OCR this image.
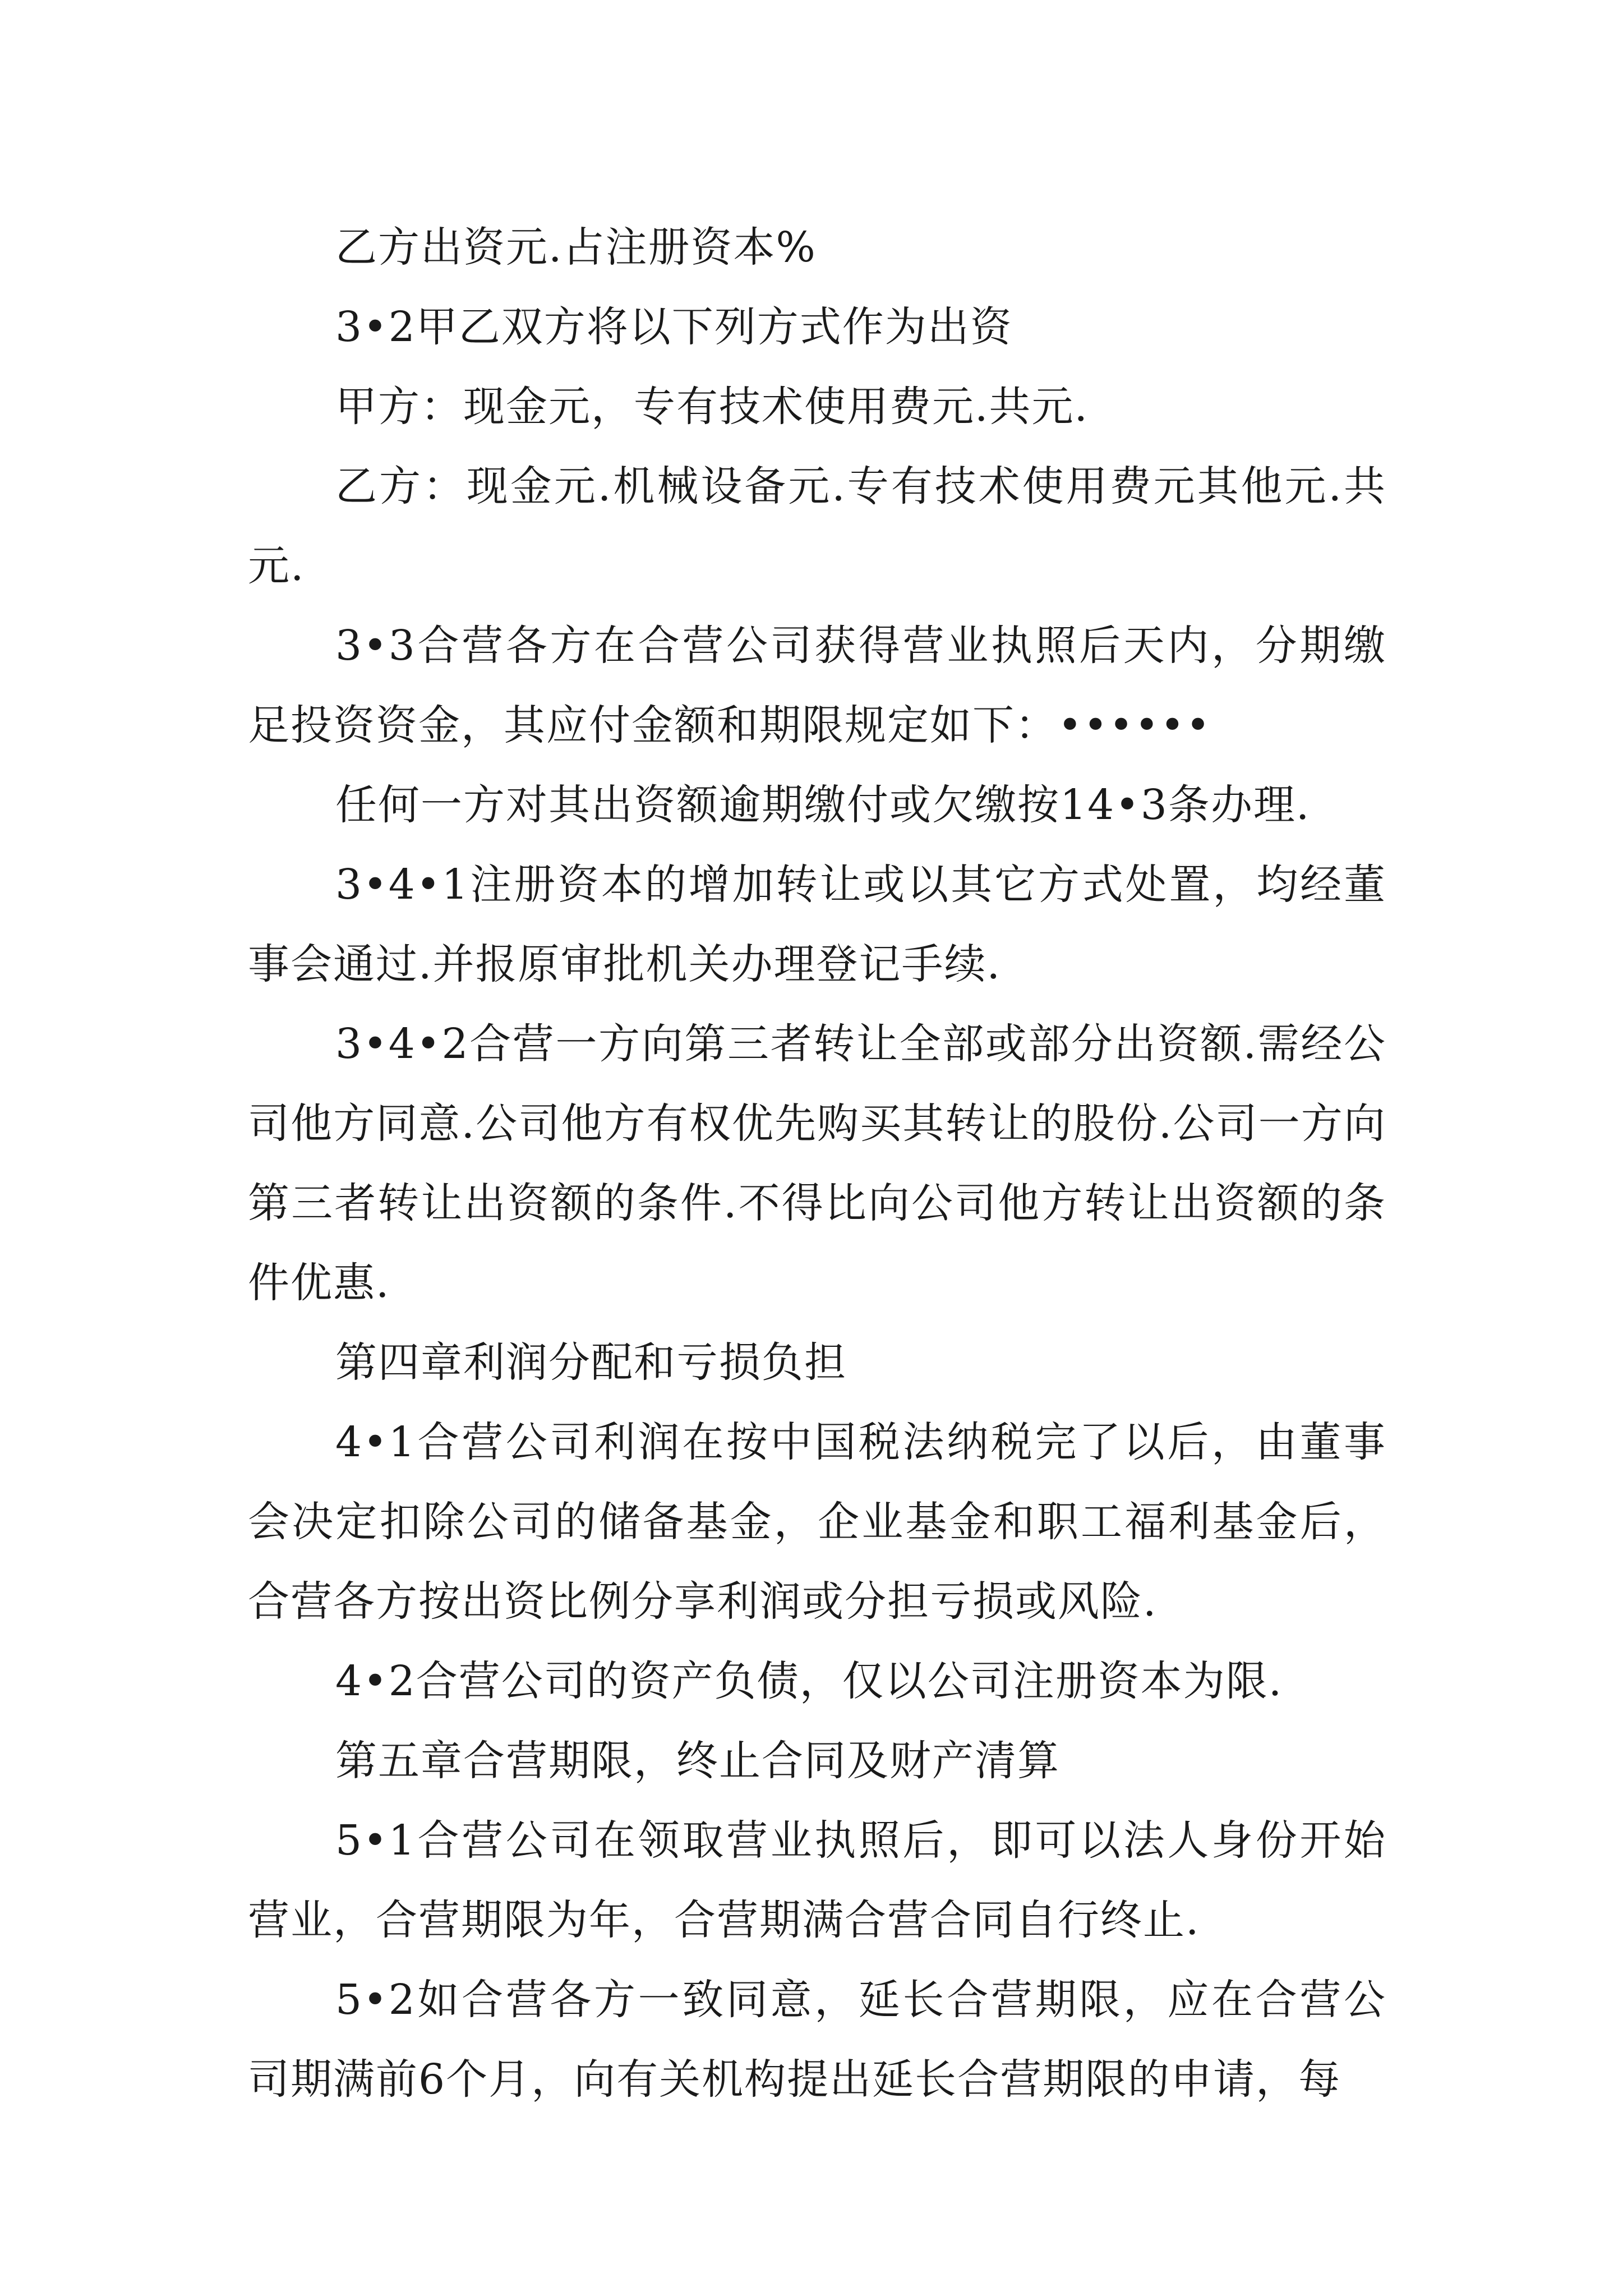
乙方出资元.占注册资本%

3•2甲乙双方将以下列方式作为出资

甲方：现金元，专有技术使用费元.共元.

乙方：现金元.机械设备元.专有技术使用费元其他元.共元.

3•3合营各方在合营公司获得营业执照后天内，分期缴足投资资金，其应付金额和期限规定如下：••••••

任何一方对其出资额逾期缴付或欠缴按14•3条办理.

3•4•1注册资本的增加转让或以其它方式处置，均经董事会通过.并报原审批机关办理登记手续.

3•4•2合营一方向第三者转让全部或部分出资额.需经公司他方同意.公司他方有权优先购买其转让的股份.公司一方向第三者转让出资额的条件.不得比向公司他方转让出资额的条件优惠.

第四章利润分配和亏损负担

4•1合营公司利润在按中国税法纳税完了以后，由董事会决定扣除公司的储备基金，企业基金和职工福利基金后，合营各方按出资比例分享利润或分担亏损或风险.

4•2合营公司的资产负债，仅以公司注册资本为限.

第五章合营期限，终止合同及财产清算

5•1合营公司在领取营业执照后，即可以法人身份开始营业，合营期限为年，合营期满合营合同自行终止.

5•2如合营各方一致同意，延长合营期限，应在合营公司期满前6个月，向有关机构提出延长合营期限的申请，每
